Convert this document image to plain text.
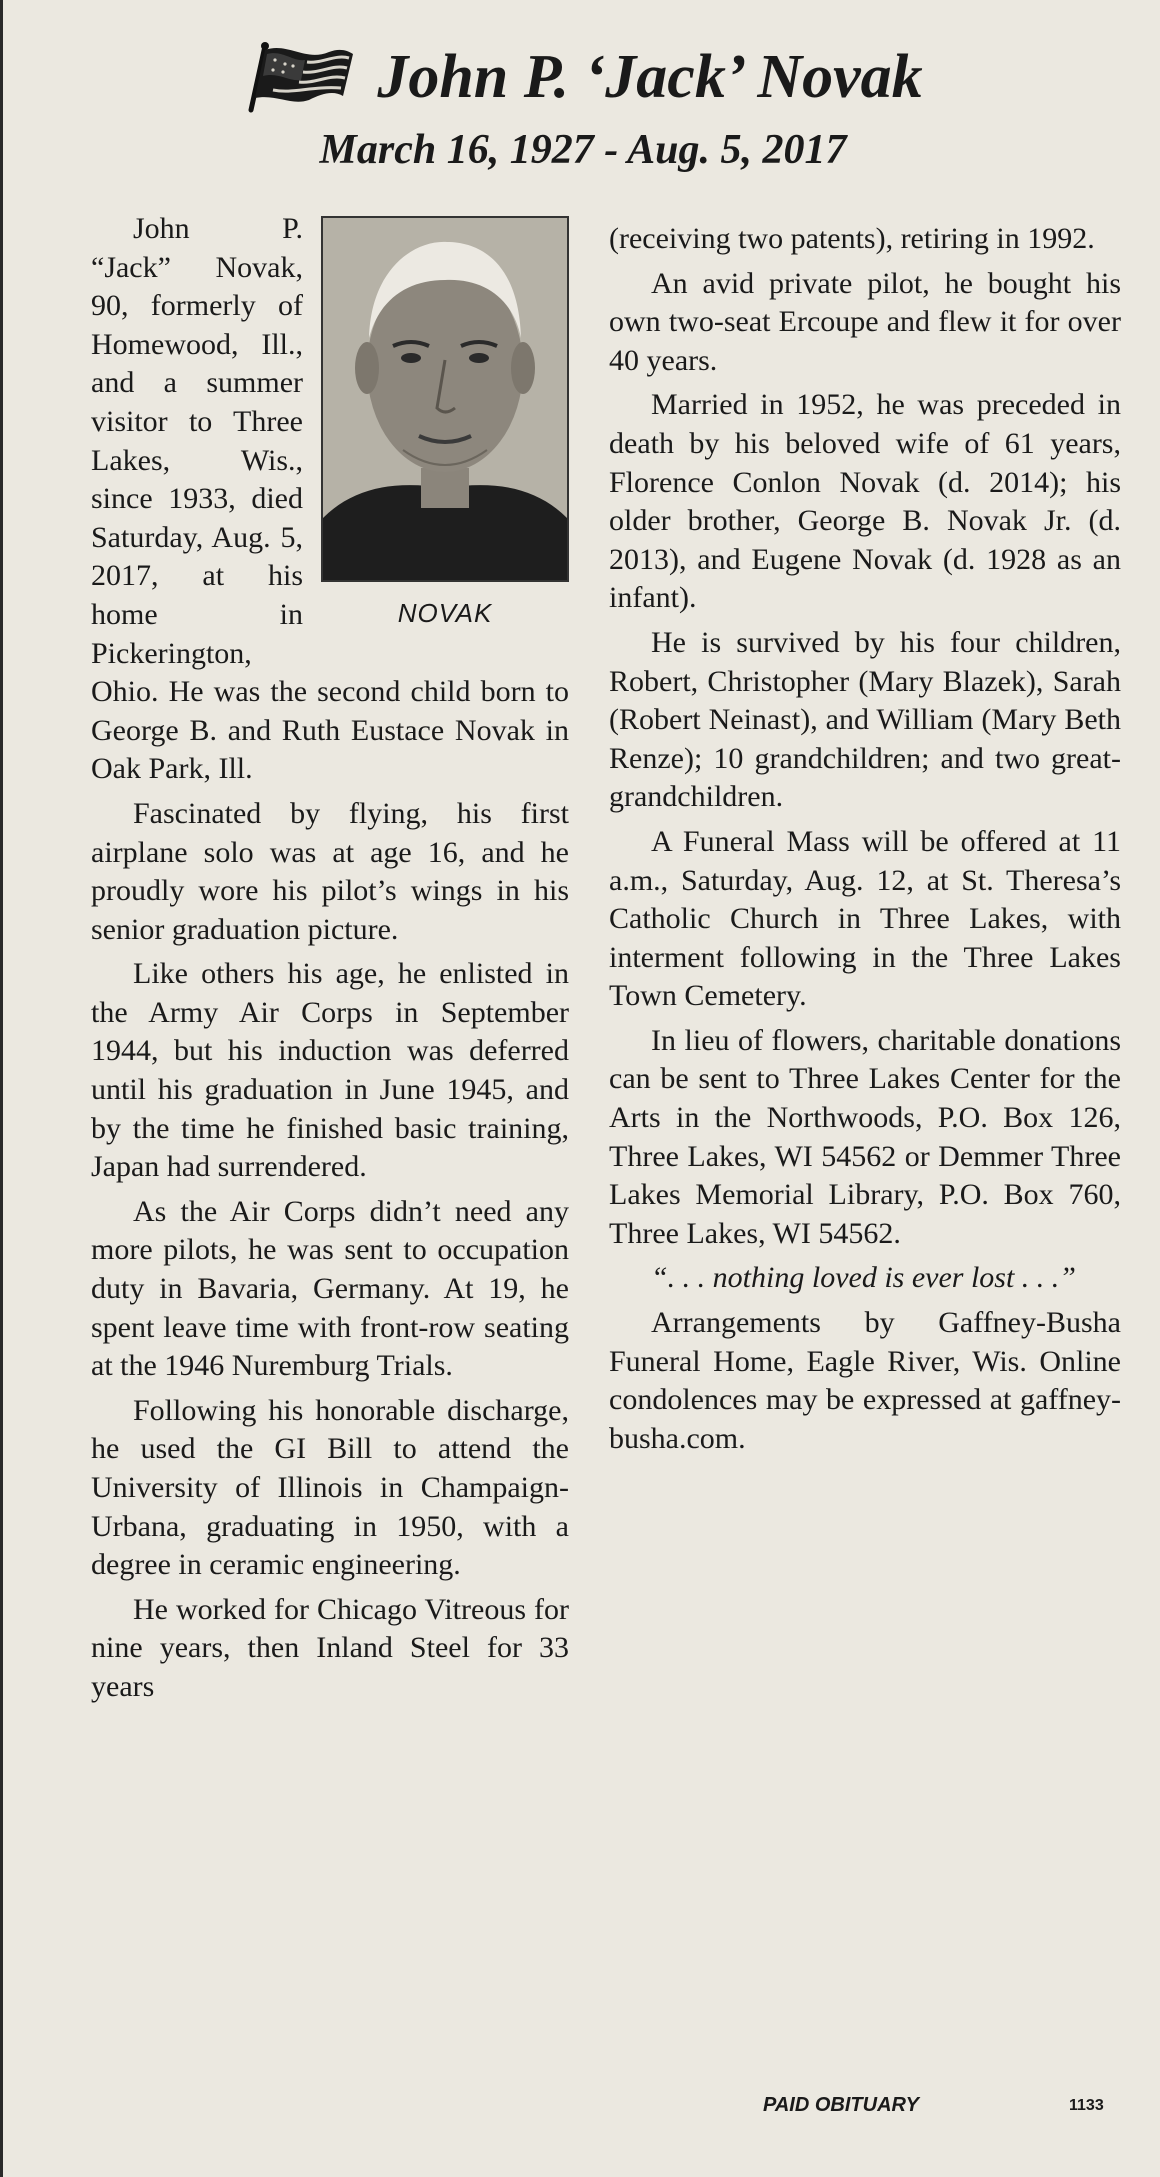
John P. ‘Jack’ Novak
March 16, 1927 - Aug. 5, 2017
NOVAK

John P. “Jack” Novak, 90, formerly of Homewood, Ill., and a summer visitor to Three Lakes, Wis., since 1933, died Saturday, Aug. 5, 2017, at his home in Pickerington, Ohio. He was the second child born to George B. and Ruth Eustace Novak in Oak Park, Ill.

Fascinated by flying, his first airplane solo was at age 16, and he proudly wore his pilot’s wings in his senior graduation picture.

Like others his age, he enlisted in the Army Air Corps in September 1944, but his induction was deferred until his graduation in June 1945, and by the time he finished basic training, Japan had surrendered.

As the Air Corps didn’t need any more pilots, he was sent to occupation duty in Bavaria, Germany. At 19, he spent leave time with front-row seating at the 1946 Nuremburg Trials.

Following his honorable discharge, he used the GI Bill to attend the University of Illinois in Champaign-Urbana, graduating in 1950, with a degree in ceramic engineering.

He worked for Chicago Vitreous for nine years, then Inland Steel for 33 years

(receiving two patents), retiring in 1992.

An avid private pilot, he bought his own two-seat Ercoupe and flew it for over 40 years.

Married in 1952, he was preceded in death by his beloved wife of 61 years, Florence Conlon Novak (d. 2014); his older brother, George B. Novak Jr. (d. 2013), and Eugene Novak (d. 1928 as an infant).

He is survived by his four children, Robert, Christopher (Mary Blazek), Sarah (Robert Neinast), and William (Mary Beth Renze); 10 grandchildren; and two great-grandchildren.

A Funeral Mass will be offered at 11 a.m., Saturday, Aug. 12, at St. Theresa’s Catholic Church in Three Lakes, with interment following in the Three Lakes Town Cemetery.

In lieu of flowers, charitable donations can be sent to Three Lakes Center for the Arts in the Northwoods, P.O. Box 126, Three Lakes, WI 54562 or Demmer Three Lakes Memorial Library, P.O. Box 760, Three Lakes, WI 54562.

“. . . nothing loved is ever lost . . .”

Arrangements by Gaffney-Busha Funeral Home, Eagle River, Wis. Online condolences may be expressed at gaffney-busha.com.

PAID OBITUARY	1133
